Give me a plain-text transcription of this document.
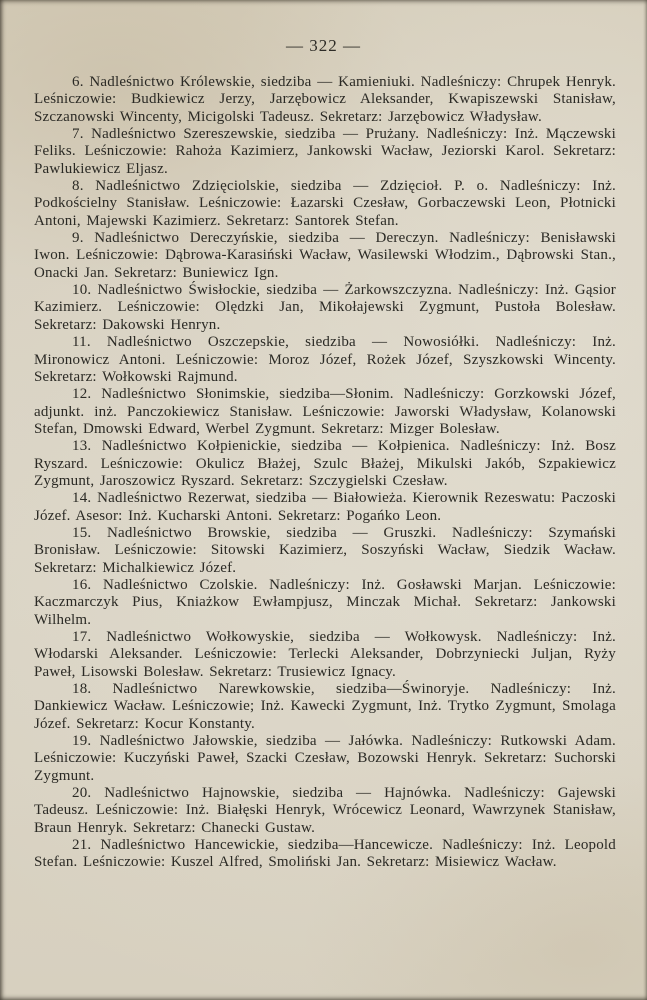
— 322 —

6. Nadleśnictwo Królewskie, siedziba — Kamieniuki. Nadleśniczy: Chrupek Henryk. Leśniczowie: Budkiewicz Jerzy, Jarzębowicz Aleksander, Kwapiszewski Stanisław, Szczanowski Wincenty, Micigolski Tadeusz. Sekretarz: Jarzębowicz Władysław.

7. Nadleśnictwo Szereszewskie, siedziba — Prużany. Nadleśniczy: Inż. Mączewski Feliks. Leśniczowie: Rahoża Kazimierz, Jankowski Wacław, Jeziorski Karol. Sekretarz: Pawlukiewicz Eljasz.

8. Nadleśnictwo Zdzięciolskie, siedziba — Zdzięcioł. P. o. Nadleśniczy: Inż. Podkościelny Stanisław. Leśniczowie: Łazarski Czesław, Gorbaczewski Leon, Płotnicki Antoni, Majewski Kazimierz. Sekretarz: Santorek Stefan.

9. Nadleśnictwo Dereczyńskie, siedziba — Dereczyn. Nadleśniczy: Benisławski Iwon. Leśniczowie: Dąbrowa-Karasiński Wacław, Wasilewski Włodzim., Dąbrowski Stan., Onacki Jan. Sekretarz: Buniewicz Ign.

10. Nadleśnictwo Świsłockie, siedziba — Żarkowszczyzna. Nadleśniczy: Inż. Gąsior Kazimierz. Leśniczowie: Olędzki Jan, Mikołajewski Zygmunt, Pustoła Bolesław. Sekretarz: Dakowski Henryn.

11. Nadleśnictwo Oszczepskie, siedziba — Nowosiółki. Nadleśniczy: Inż. Mironowicz Antoni. Leśniczowie: Moroz Józef, Rożek Józef, Szyszkowski Wincenty. Sekretarz: Wołkowski Rajmund.

12. Nadleśnictwo Słonimskie, siedziba—Słonim. Nadleśniczy: Gorzkowski Józef, adjunkt. inż. Panczokiewicz Stanisław. Leśniczowie: Jaworski Władysław, Kolanowski Stefan, Dmowski Edward, Werbel Zygmunt. Sekretarz: Mizger Bolesław.

13. Nadleśnictwo Kołpienickie, siedziba — Kołpienica. Nadleśniczy: Inż. Bosz Ryszard. Leśniczowie: Okulicz Błażej, Szulc Błażej, Mikulski Jakób, Szpakiewicz Zygmunt, Jaroszowicz Ryszard. Sekretarz: Szczygielski Czesław.

14. Nadleśnictwo Rezerwat, siedziba — Białowieża. Kierownik Rezeswatu: Paczoski Józef. Asesor: Inż. Kucharski Antoni. Sekretarz: Pogańko Leon.

15. Nadleśnictwo Browskie, siedziba — Gruszki. Nadleśniczy: Szymański Bronisław. Leśniczowie: Sitowski Kazimierz, Soszyński Wacław, Siedzik Wacław. Sekretarz: Michalkiewicz Józef.

16. Nadleśnictwo Czolskie. Nadleśniczy: Inż. Gosławski Marjan. Leśniczowie: Kaczmarczyk Pius, Kniażkow Ewłampjusz, Minczak Michał. Sekretarz: Jankowski Wilhelm.

17. Nadleśnictwo Wołkowyskie, siedziba — Wołkowysk. Nadleśniczy: Inż. Włodarski Aleksander. Leśniczowie: Terlecki Aleksander, Dobrzyniecki Juljan, Ryży Paweł, Lisowski Bolesław. Sekretarz: Trusiewicz Ignacy.

18. Nadleśnictwo Narewkowskie, siedziba—Świnoryje. Nadleśniczy: Inż. Dankiewicz Wacław. Leśniczowie; Inż. Kawecki Zygmunt, Inż. Trytko Zygmunt, Smolaga Józef. Sekretarz: Kocur Konstanty.

19. Nadleśnictwo Jałowskie, siedziba — Jałówka. Nadleśniczy: Rutkowski Adam. Leśniczowie: Kuczyński Paweł, Szacki Czesław, Bozowski Henryk. Sekretarz: Suchorski Zygmunt.

20. Nadleśnictwo Hajnowskie, siedziba — Hajnówka. Nadleśniczy: Gajewski Tadeusz. Leśniczowie: Inż. Białęski Henryk, Wrócewicz Leonard, Wawrzynek Stanisław, Braun Henryk. Sekretarz: Chanecki Gustaw.

21. Nadleśnictwo Hancewickie, siedziba—Hancewicze. Nadleśniczy: Inż. Leopold Stefan. Leśniczowie: Kuszel Alfred, Smoliński Jan. Sekretarz: Misiewicz Wacław.
